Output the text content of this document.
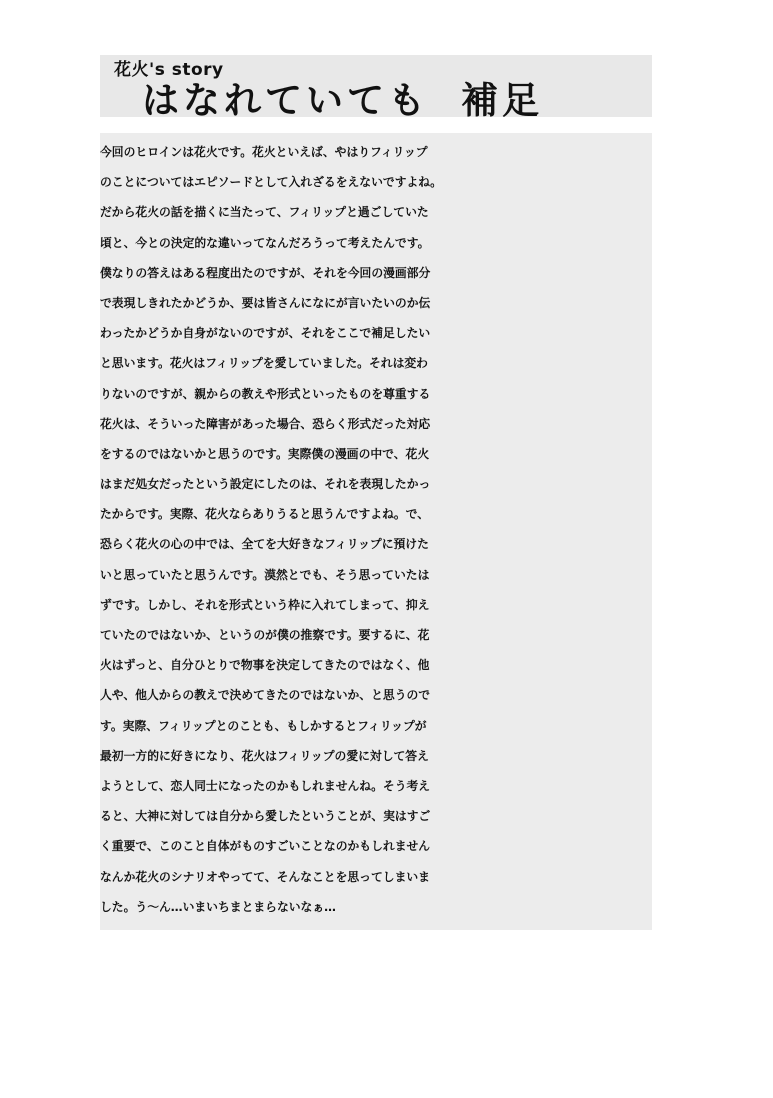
花火's story
はなれていても 補足
今回のヒロインは花火です。花火といえば、やはりフィリップ
のことについてはエピソードとして入れざるをえないですよね。
だから花火の話を描くに当たって、フィリップと過ごしていた
頃と、今との決定的な違いってなんだろうって考えたんです。
僕なりの答えはある程度出たのですが、それを今回の漫画部分
で表現しきれたかどうか、要は皆さんになにが言いたいのか伝
わったかどうか自身がないのですが、それをここで補足したい
と思います。花火はフィリップを愛していました。それは変わ
りないのですが、親からの教えや形式といったものを尊重する
花火は、そういった障害があった場合、恐らく形式だった対応
をするのではないかと思うのです。実際僕の漫画の中で、花火
はまだ処女だったという設定にしたのは、それを表現したかっ
たからです。実際、花火ならありうると思うんですよね。で、
恐らく花火の心の中では、全てを大好きなフィリップに預けた
いと思っていたと思うんです。漠然とでも、そう思っていたは
ずです。しかし、それを形式という枠に入れてしまって、抑え
ていたのではないか、というのが僕の推察です。要するに、花
火はずっと、自分ひとりで物事を決定してきたのではなく、他
人や、他人からの教えで決めてきたのではないか、と思うので
す。実際、フィリップとのことも、もしかするとフィリップが
最初一方的に好きになり、花火はフィリップの愛に対して答え
ようとして、恋人同士になったのかもしれませんね。そう考え
ると、大神に対しては自分から愛したということが、実はすご
く重要で、このこと自体がものすごいことなのかもしれません
なんか花火のシナリオやってて、そんなことを思ってしまいま
した。う〜ん…いまいちまとまらないなぁ…
